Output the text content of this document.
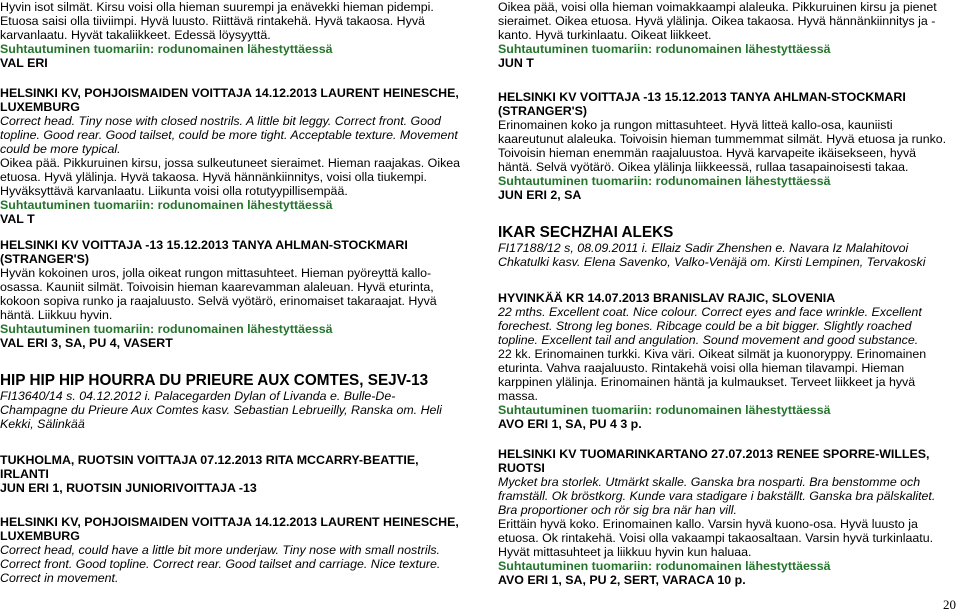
Hyvin isot silmät. Kirsu voisi olla hieman suurempi ja enävekki hieman pidempi. Etuosa saisi olla tiiviimpi. Hyvä luusto. Riittävä rintakehä. Hyvä takaosa. Hyvä karvanlaatu. Hyvät takaliikkeet. Edessä löysyyttä.

Suhtautuminen tuomariin: rodunomainen lähestyttäessä

VAL ERI

HELSINKI KV, POHJOISMAIDEN VOITTAJA 14.12.2013 LAURENT HEINESCHE, LUXEMBURG

Correct head. Tiny nose with closed nostrils. A little bit leggy. Correct front. Good topline. Good rear. Good tailset, could be more tight. Acceptable texture. Movement could be more typical.

Oikea pää. Pikkuruinen kirsu, jossa sulkeutuneet sieraimet. Hieman raajakas. Oikea etuosa. Hyvä ylälinja. Hyvä takaosa. Hyvä hännänkiinnitys, voisi olla tiukempi. Hyväksyttävä karvanlaatu. Liikunta voisi olla rotutyypillisempää.

Suhtautuminen tuomariin: rodunomainen lähestyttäessä

VAL T

HELSINKI KV VOITTAJA -13 15.12.2013 TANYA AHLMAN-STOCKMARI (STRANGER'S)

Hyvän kokoinen uros, jolla oikeat rungon mittasuhteet. Hieman pyöreyttä kallo-osassa. Kauniit silmät. Toivoisin hieman kaarevamman alaleuan. Hyvä eturinta, kokoon sopiva runko ja raajaluusto. Selvä vyötärö, erinomaiset takaraajat. Hyvä häntä. Liikkuu hyvin.

Suhtautuminen tuomariin: rodunomainen lähestyttäessä

VAL ERI 3, SA, PU 4, VASERT

HIP HIP HIP HOURRA DU PRIEURE AUX COMTES, SEJV-13

FI13640/14 s. 04.12.2012 i. Palacegarden Dylan of Livanda e. Bulle-De-Champagne du Prieure Aux Comtes kasv. Sebastian Lebrueilly, Ranska om. Heli Kekki, Sälinkää

TUKHOLMA, RUOTSIN VOITTAJA 07.12.2013 RITA MCCARRY-BEATTIE, IRLANTI

JUN ERI 1, RUOTSIN JUNIORIVOITTAJA -13

HELSINKI KV, POHJOISMAIDEN VOITTAJA 14.12.2013 LAURENT HEINESCHE, LUXEMBURG

Correct head, could have a little bit more underjaw. Tiny nose with small nostrils. Correct front. Good topline. Correct rear. Good tailset and carriage. Nice texture. Correct in movement.

Oikea pää, voisi olla hieman voimakkaampi alaleuka. Pikkuruinen kirsu ja pienet sieraimet. Oikea etuosa. Hyvä ylälinja. Oikea takaosa. Hyvä hännänkiinnitys ja -kanto. Hyvä turkinlaatu. Oikeat liikkeet.

Suhtautuminen tuomariin: rodunomainen lähestyttäessä

JUN T

HELSINKI KV VOITTAJA -13 15.12.2013 TANYA AHLMAN-STOCKMARI (STRANGER'S)

Erinomainen koko ja rungon mittasuhteet. Hyvä litteä kallo-osa, kauniisti kaareutunut alaleuka. Toivoisin hieman tummemmat silmät. Hyvä etuosa ja runko. Toivoisin hieman enemmän raajaluustoa. Hyvä karvapeite ikäisekseen, hyvä häntä. Selvä vyötärö. Oikea ylälinja liikkeessä, rullaa tasapainoisesti takaa.

Suhtautuminen tuomariin: rodunomainen lähestyttäessä

JUN ERI 2, SA

IKAR SECHZHAI ALEKS

FI17188/12 s, 08.09.2011 i. Ellaiz Sadir Zhenshen e. Navara Iz Malahitovoi Chkatulki kasv. Elena Savenko, Valko-Venäjä om. Kirsti Lempinen, Tervakoski

HYVINKÄÄ KR 14.07.2013 BRANISLAV RAJIC, SLOVENIA

22 mths. Excellent coat. Nice colour. Correct eyes and face wrinkle. Excellent forechest. Strong leg bones. Ribcage could be a bit bigger. Slightly roached topline. Excellent tail and angulation. Sound movement and good substance.

22 kk. Erinomainen turkki. Kiva väri. Oikeat silmät ja kuonoryppy. Erinomainen eturinta. Vahva raajaluusto. Rintakehä voisi olla hieman tilavampi. Hieman karppinen ylälinja. Erinomainen häntä ja kulmaukset. Terveet liikkeet ja hyvä massa.

Suhtautuminen tuomariin: rodunomainen lähestyttäessä

AVO ERI 1, SA, PU 4 3 p.

HELSINKI KV TUOMARINKARTANO 27.07.2013 RENEE SPORRE-WILLES, RUOTSI

Mycket bra storlek. Utmärkt skalle. Ganska bra nosparti. Bra benstomme och framställ. Ok bröstkorg. Kunde vara stadigare i bakställt. Ganska bra pälskalitet. Bra proportioner och rör sig bra när han vill.

Erittäin hyvä koko. Erinomainen kallo. Varsin hyvä kuono-osa. Hyvä luusto ja etuosa. Ok rintakehä. Voisi olla vakaampi takaosaltaan. Varsin hyvä turkinlaatu. Hyvät mittasuhteet ja liikkuu hyvin kun haluaa.

Suhtautuminen tuomariin: rodunomainen lähestyttäessä

AVO ERI 1, SA, PU 2, SERT, VARACA 10 p.

20
